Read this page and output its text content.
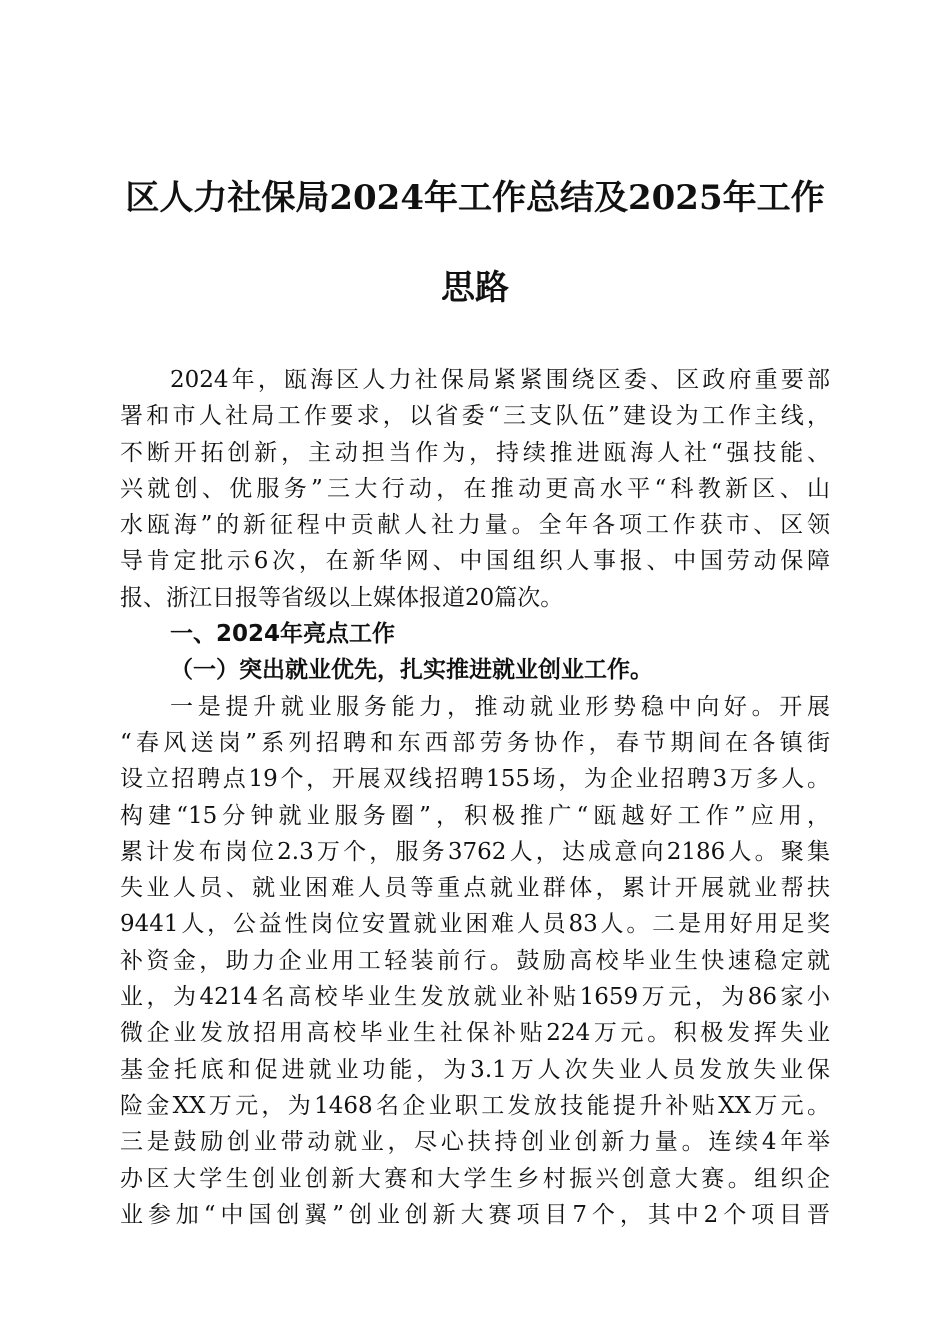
区人力社保局2024年工作总结及2025年工作
思路
2024年，瓯海区人力社保局紧紧围绕区委、区政府重要部
署和市人社局工作要求，以省委“三支队伍”建设为工作主线，
不断开拓创新，主动担当作为，持续推进瓯海人社“强技能、
兴就创、优服务”三大行动，在推动更高水平“科教新区、山
水瓯海”的新征程中贡献人社力量。全年各项工作获市、区领
导肯定批示6次，在新华网、中国组织人事报、中国劳动保障
报、浙江日报等省级以上媒体报道20篇次。
一、2024年亮点工作
（一）突出就业优先，扎实推进就业创业工作。
一是提升就业服务能力，推动就业形势稳中向好。开展
“春风送岗”系列招聘和东西部劳务协作，春节期间在各镇街
设立招聘点19个，开展双线招聘155场，为企业招聘3万多人。
构建“15分钟就业服务圈”，积极推广“瓯越好工作”应用，
累计发布岗位2.3万个，服务3762人，达成意向2186人。聚集
失业人员、就业困难人员等重点就业群体，累计开展就业帮扶
9441人，公益性岗位安置就业困难人员83人。二是用好用足奖
补资金，助力企业用工轻装前行。鼓励高校毕业生快速稳定就
业，为4214名高校毕业生发放就业补贴1659万元，为86家小
微企业发放招用高校毕业生社保补贴224万元。积极发挥失业
基金托底和促进就业功能，为3.1万人次失业人员发放失业保
险金XX万元，为1468名企业职工发放技能提升补贴XX万元。
三是鼓励创业带动就业，尽心扶持创业创新力量。连续4年举
办区大学生创业创新大赛和大学生乡村振兴创意大赛。组织企
业参加“中国创翼”创业创新大赛项目7个，其中2个项目晋
